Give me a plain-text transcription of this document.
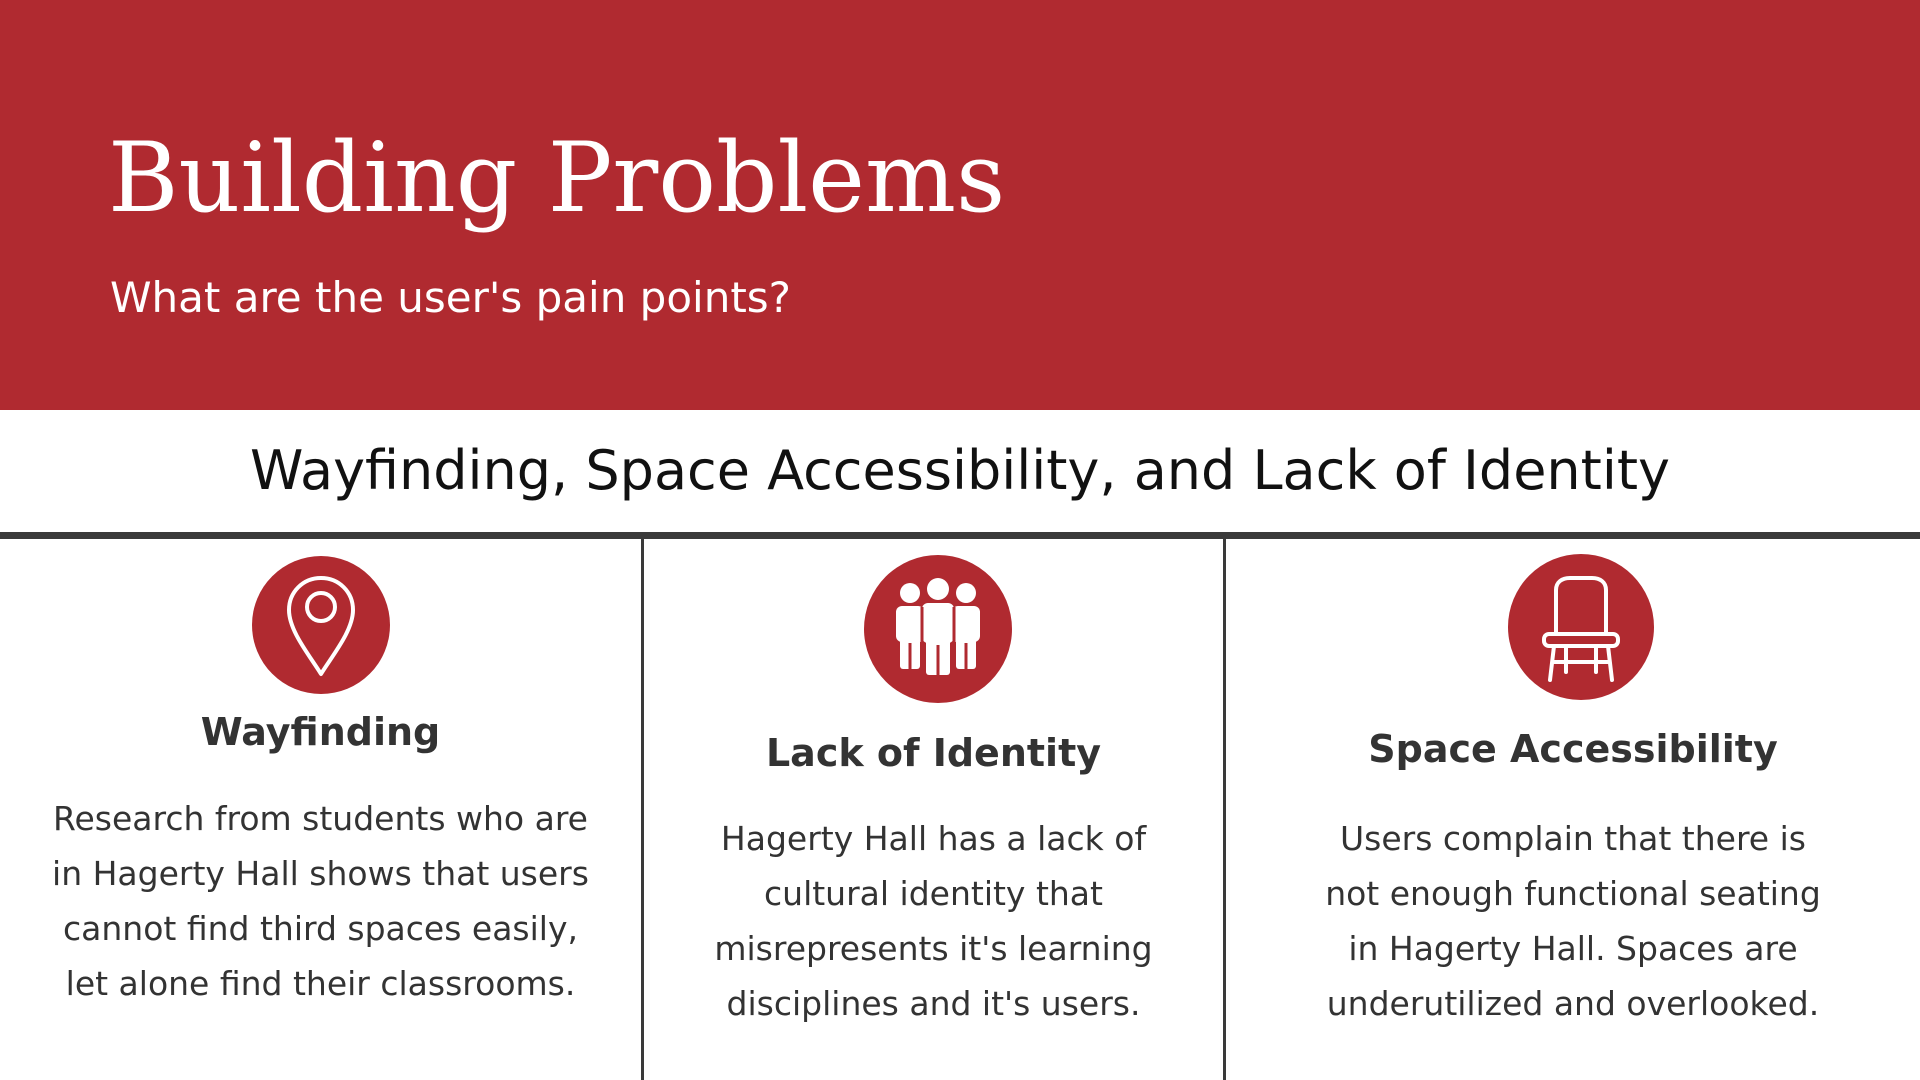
Building Problems

What are the user's pain points?

Wayfinding, Space Accessibility, and Lack of Identity
Wayfinding

Research from students who are
in Hagerty Hall shows that users
cannot find third spaces easily,
let alone find their classrooms.

Lack of Identity

Hagerty Hall has a lack of
cultural identity that
misrepresents it's learning
disciplines and it's users.

Space Accessibility

Users complain that there is
not enough functional seating
in Hagerty Hall. Spaces are
underutilized and overlooked.
